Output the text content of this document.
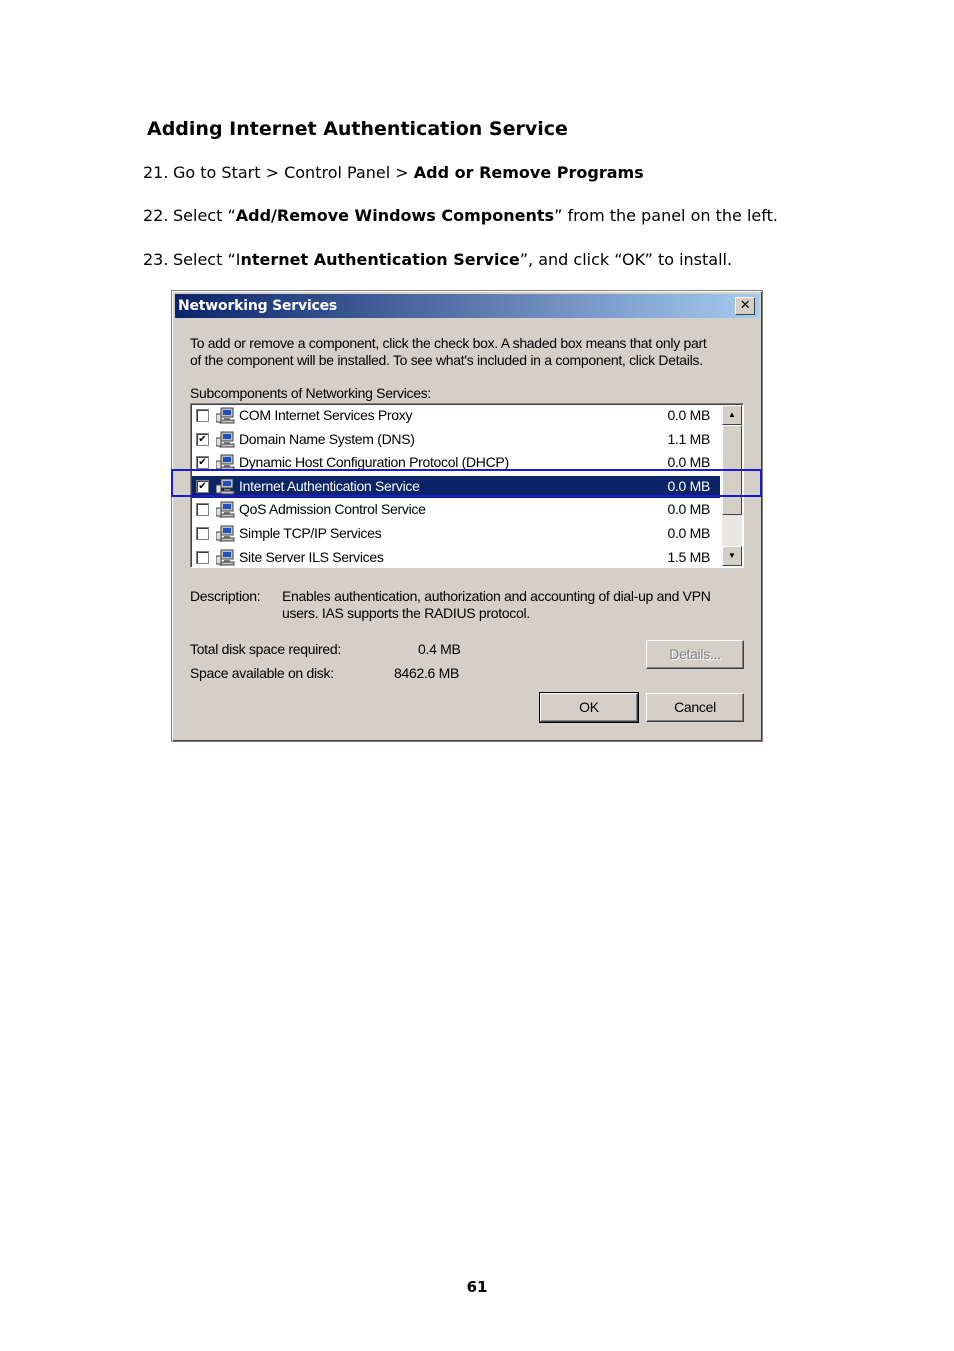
Adding Internet Authentication Service
21. Go to Start > Control Panel > Add or Remove Programs
22. Select “Add/Remove Windows Components” from the panel on the left.
23. Select “Internet Authentication Service”, and click “OK” to install.
Networking Services	✕
To add or remove a component, click the check box. A shaded box means that only part
of the component will be installed. To see what's included in a component, click Details.
Subcomponents of Networking Services:
COM Internet Services Proxy	0.0 MB
✔ Domain Name System (DNS)	1.1 MB
✔ Dynamic Host Configuration Protocol (DHCP)	0.0 MB
✔ Internet Authentication Service	0.0 MB
QoS Admission Control Service	0.0 MB
Simple TCP/IP Services	0.0 MB
Site Server ILS Services	1.5 MB
▲
▼
Description: Enables authentication, authorization and accounting of dial-up and VPN
users. IAS supports the RADIUS protocol.
Total disk space required:	0.4 MB
Space available on disk:	8462.6 MB
Details...
OK	Cancel
61
